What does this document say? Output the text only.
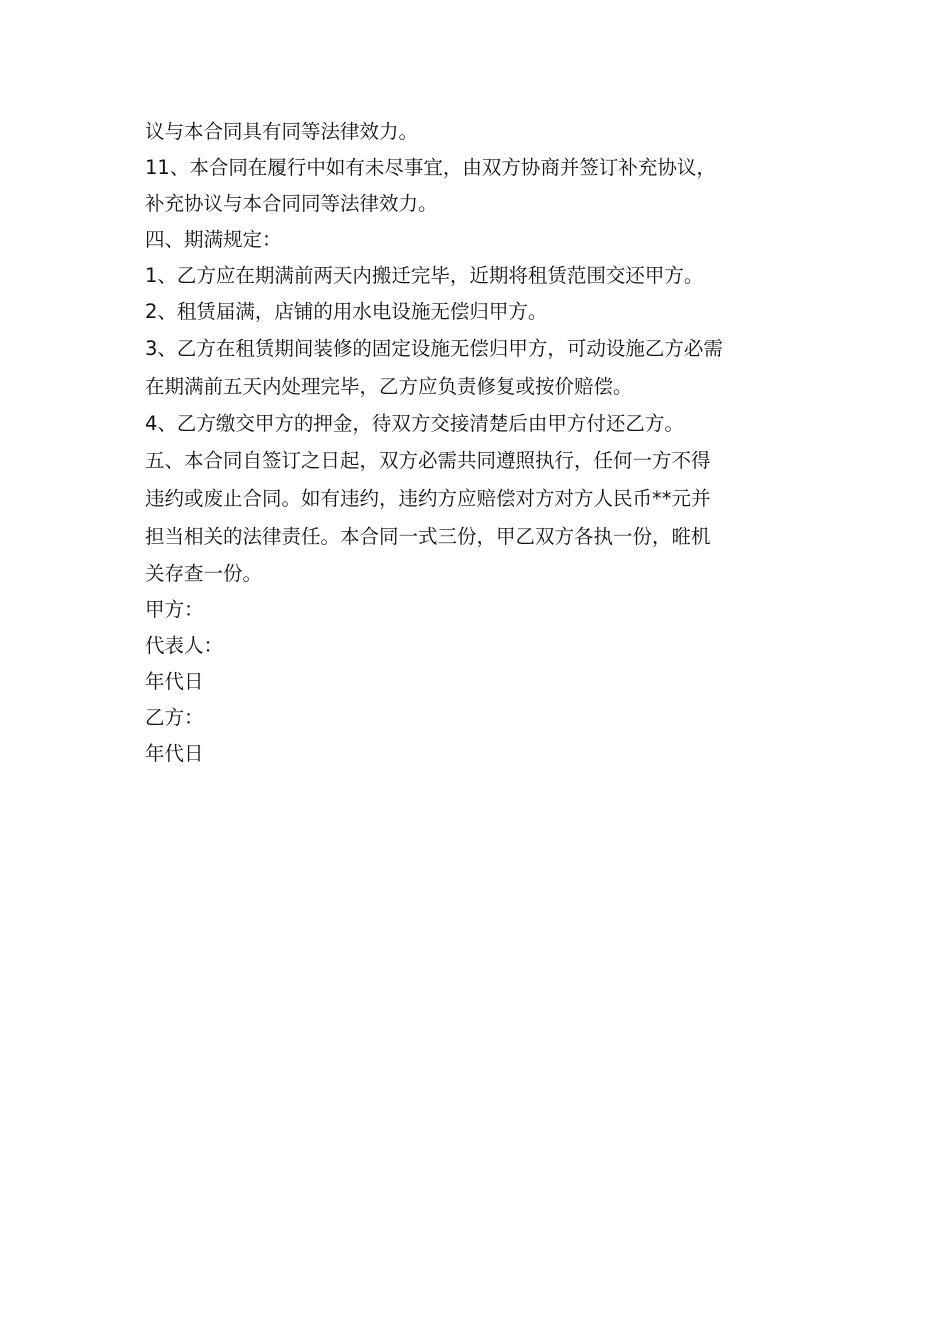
议与本合同具有同等法律效力。
11、本合同在履行中如有未尽事宜，由双方协商并签订补充协议，
补充协议与本合同同等法律效力。
四、期满规定：
1、乙方应在期满前两天内搬迁完毕，近期将租赁范围交还甲方。
2、租赁届满，店铺的用水电设施无偿归甲方。
3、乙方在租赁期间装修的固定设施无偿归甲方，可动设施乙方必需
在期满前五天内处理完毕，乙方应负责修复或按价赔偿。
4、乙方缴交甲方的押金，待双方交接清楚后由甲方付还乙方。
五、本合同自签订之日起，双方必需共同遵照执行，任何一方不得
违约或废止合同。如有违约，违约方应赔偿对方对方人民币**元并
担当相关的法律责任。本合同一式三份，甲乙双方各执一份，暀机
关存查一份。
甲方：
代表人：
年代日
乙方：
年代日
